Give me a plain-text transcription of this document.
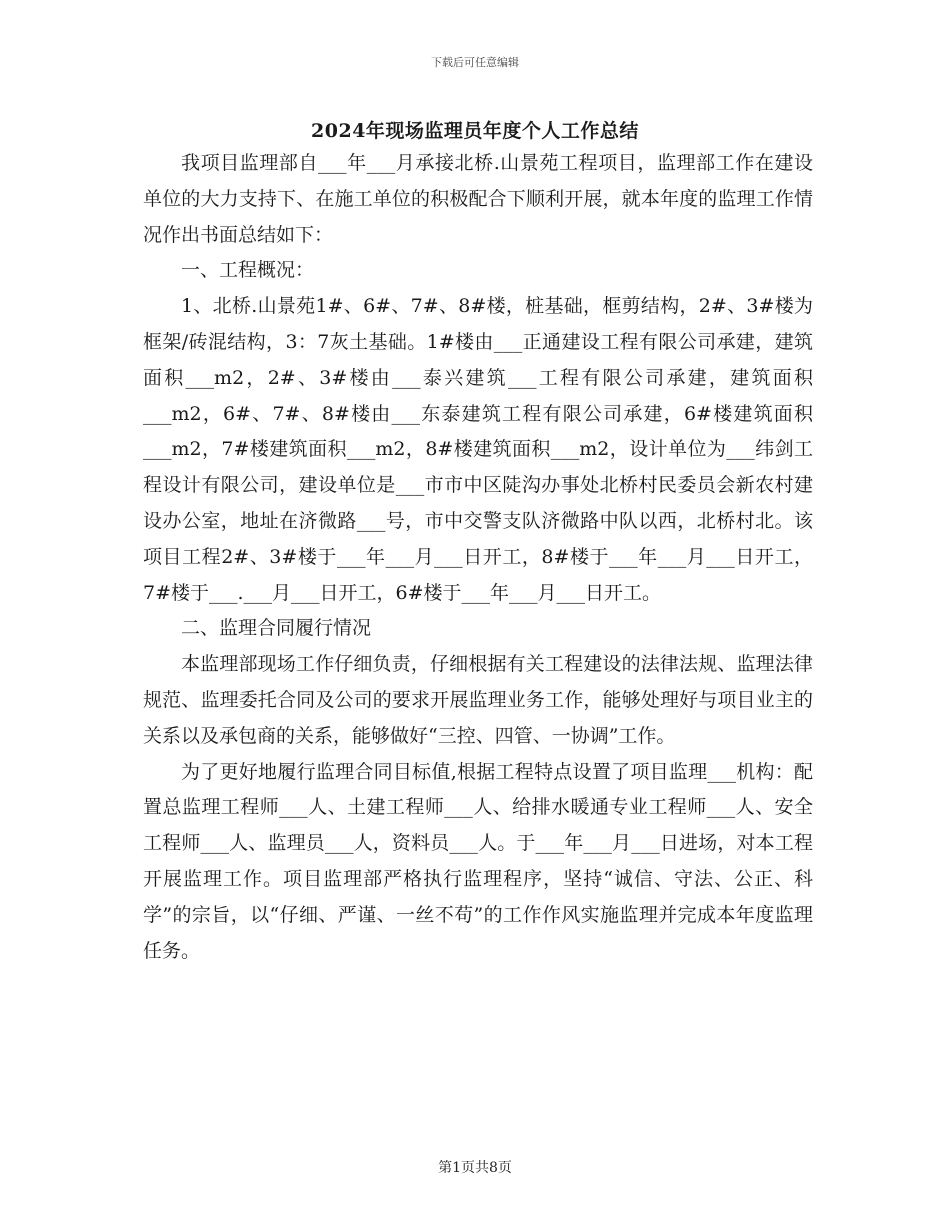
下载后可任意编辑
2024年现场监理员年度个人工作总结

我项目监理部自___年___月承接北桥.山景苑工程项目，监理部工作在建设单位的大力支持下、在施工单位的积极配合下顺利开展，就本年度的监理工作情况作出书面总结如下：

一、工程概况：

1、北桥.山景苑1#、6#、7#、8#楼，桩基础，框剪结构，2#、3#楼为框架/砖混结构，3：7灰土基础。1#楼由___正通建设工程有限公司承建，建筑面积___m2，2#、3#楼由___泰兴建筑___工程有限公司承建，建筑面积___m2，6#、7#、8#楼由___东泰建筑工程有限公司承建，6#楼建筑面积___m2，7#楼建筑面积___m2，8#楼建筑面积___m2，设计单位为___纬剑工程设计有限公司，建设单位是___市市中区陡沟办事处北桥村民委员会新农村建设办公室，地址在济微路___号，市中交警支队济微路中队以西，北桥村北。该项目工程2#、3#楼于___年___月___日开工，8#楼于___年___月___日开工，7#楼于___.___月___日开工，6#楼于___年___月___日开工。

二、监理合同履行情况

本监理部现场工作仔细负责，仔细根据有关工程建设的法律法规、监理法律规范、监理委托合同及公司的要求开展监理业务工作，能够处理好与项目业主的关系以及承包商的关系，能够做好“三控、四管、一协调”工作。

为了更好地履行监理合同目标值,根据工程特点设置了项目监理___机构：配置总监理工程师___人、土建工程师___人、给排水暖通专业工程师___人、安全工程师___人、监理员___人，资料员___人。于___年___月___日进场，对本工程开展监理工作。项目监理部严格执行监理程序，坚持“诚信、守法、公正、科学”的宗旨，以“仔细、严谨、一丝不苟”的工作作风实施监理并完成本年度监理任务。

第1页共8页
